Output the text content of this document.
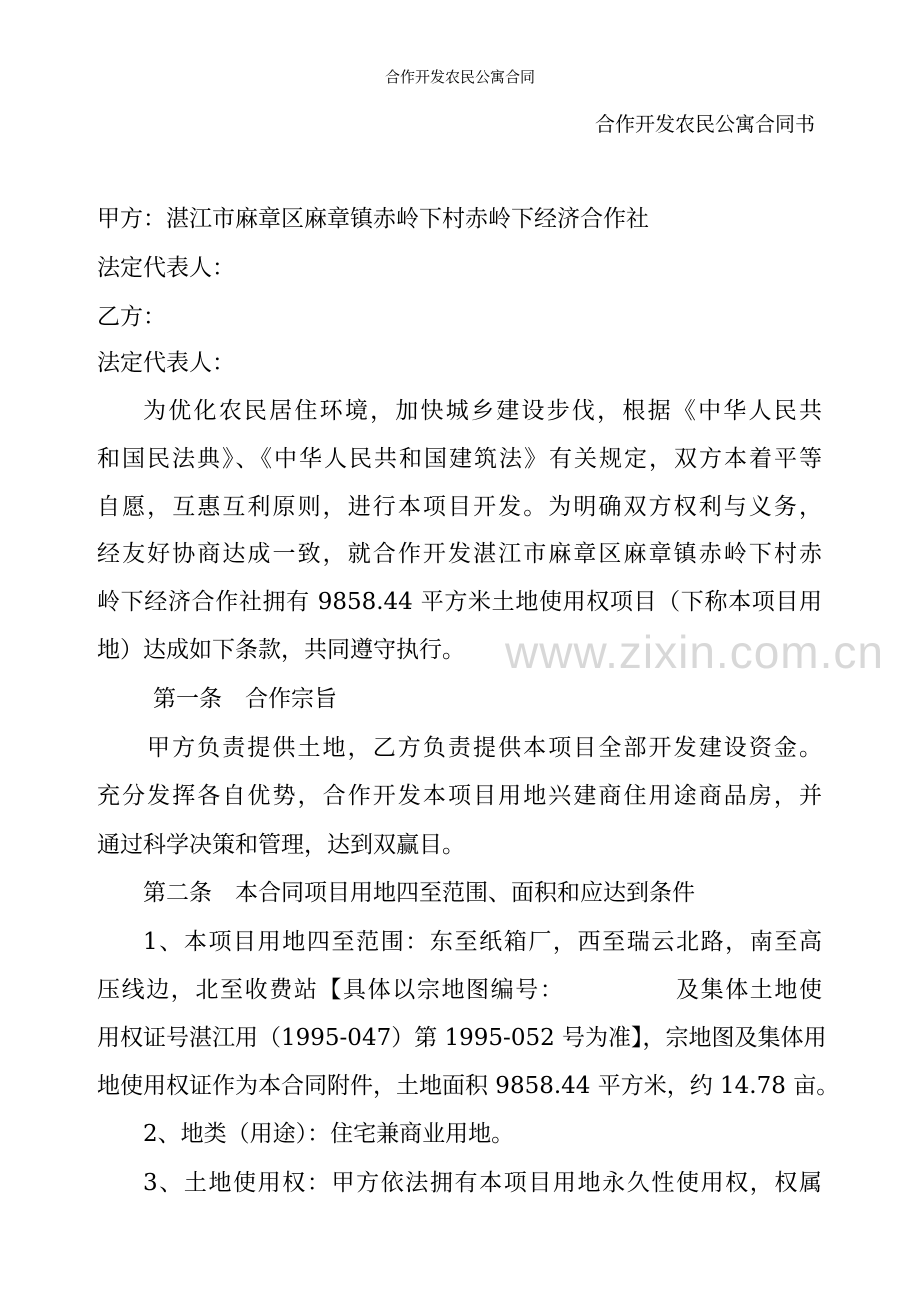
合作开发农民公寓合同
合作开发农民公寓合同书
www.zixin.com.cn
甲方：湛江市麻章区麻章镇赤岭下村赤岭下经济合作社
法定代表人：
乙方：
法定代表人：
为优化农民居住环境，加快城乡建设步伐，根据《中华人民共
和国民法典》、《中华人民共和国建筑法》有关规定，双方本着平等
自愿，互惠互利原则，进行本项目开发。为明确双方权利与义务，
经友好协商达成一致，就合作开发湛江市麻章区麻章镇赤岭下村赤
岭下经济合作社拥有 9858.44 平方米土地使用权项目（下称本项目用
地）达成如下条款，共同遵守执行。
第一条　合作宗旨
甲方负责提供土地，乙方负责提供本项目全部开发建设资金。
充分发挥各自优势，合作开发本项目用地兴建商住用途商品房，并
通过科学决策和管理，达到双赢目。
第二条　本合同项目用地四至范围、面积和应达到条件
1、本项目用地四至范围：东至纸箱厂，西至瑞云北路，南至高
压线边，北至收费站【具体以宗地图编号：　　　　　及集体土地使
用权证号湛江用（1995-047）第 1995-052 号为准】，宗地图及集体用
地使用权证作为本合同附件，土地面积 9858.44 平方米，约 14.78 亩。
2、地类（用途）：住宅兼商业用地。
3、土地使用权：甲方依法拥有本项目用地永久性使用权，权属
